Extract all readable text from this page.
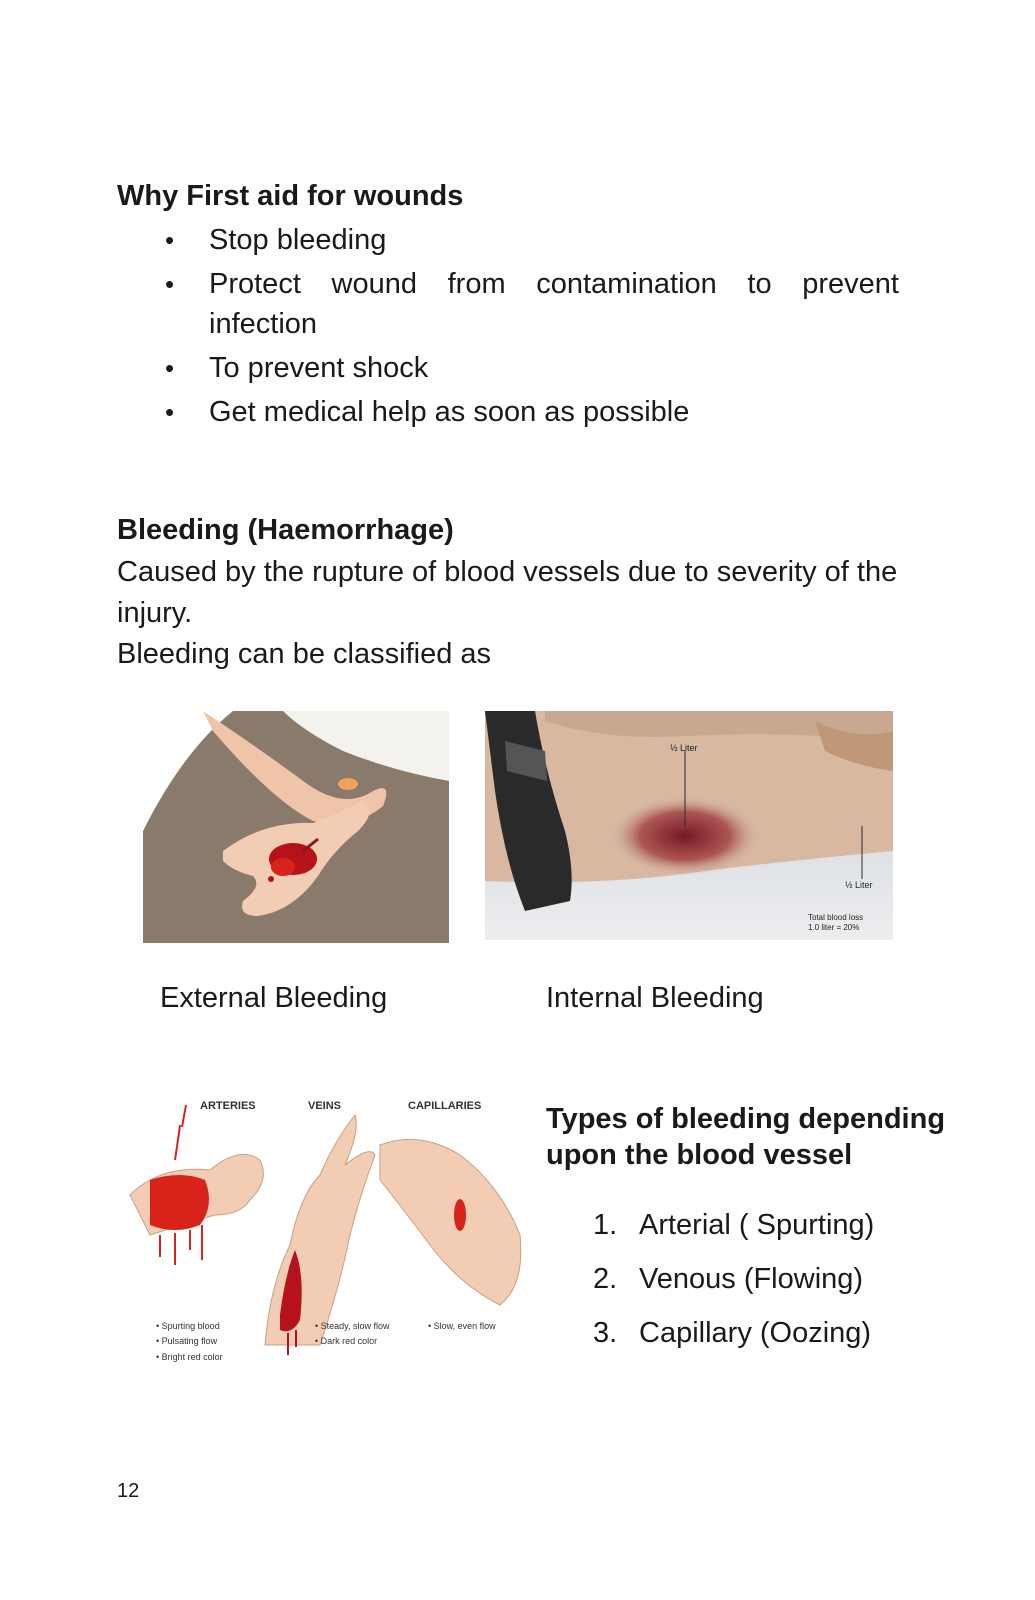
Why First aid for wounds
• Stop bleeding
• Protect wound from contamination to prevent infection
• To prevent shock
• Get medical help as soon as possible
Bleeding (Haemorrhage)
Caused by the rupture of blood vessels due to severity of the injury.
Bleeding can be classified as
½ Liter
½ Liter
Total blood loss
1.0 liter = 20%
External Bleeding	Internal Bleeding
ARTERIES	VEINS	CAPILLARIES
• Spurting blood
• Pulsating flow
• Bright red color
• Steady, slow flow
• Dark red color
• Slow, even flow
Types of bleeding depending
upon the blood vessel
1. Arterial ( Spurting)
2. Venous (Flowing)
3. Capillary (Oozing)
12
